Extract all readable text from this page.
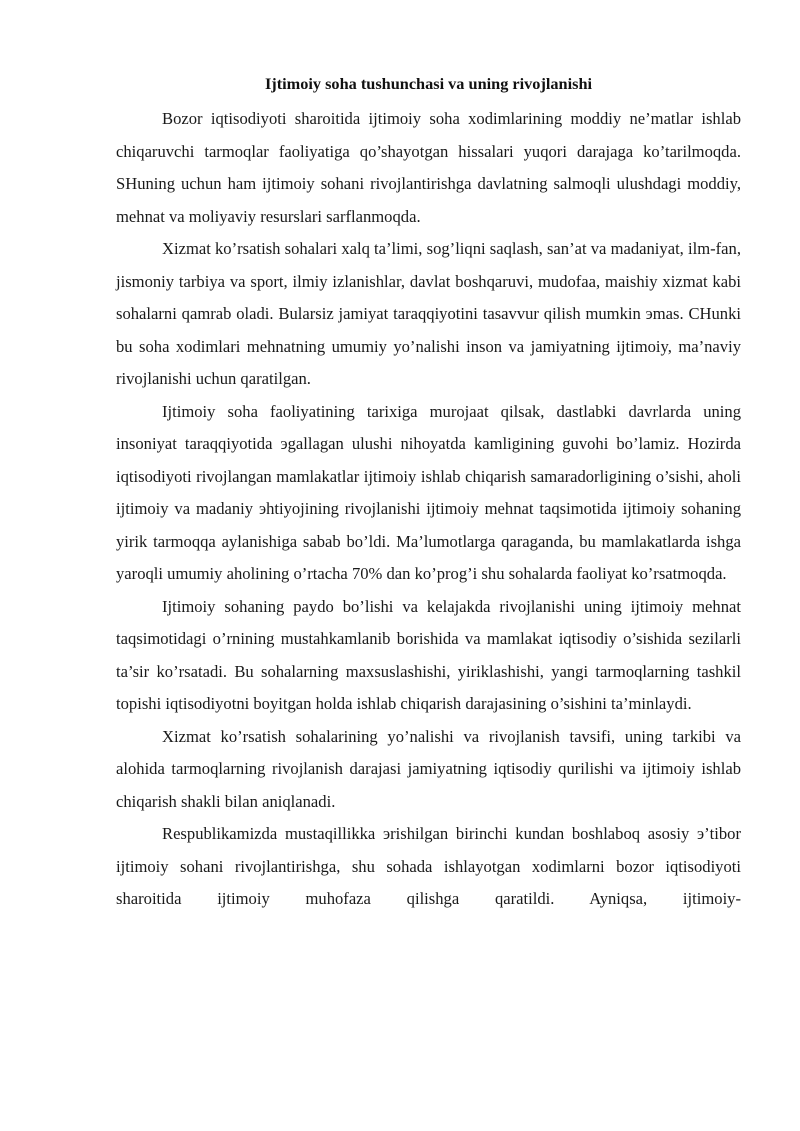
Ijtimoiy soha tushunchasi va uning rivojlanishi

Bozor iqtisodiyoti sharoitida ijtimoiy soha xodimlarining moddiy ne’matlar ishlab chiqaruvchi tarmoqlar faoliyatiga qo’shayotgan hissalari yuqori darajaga ko’tarilmoqda. SHuning uchun ham ijtimoiy sohani rivojlantirishga davlatning salmoqli ulushdagi moddiy, mehnat va moliyaviy resurslari sarflanmoqda.

Xizmat ko’rsatish sohalari xalq ta’limi, sog’liqni saqlash, san’at va madaniyat, ilm-fan, jismoniy tarbiya va sport, ilmiy izlanishlar, davlat boshqaruvi, mudofaa, maishiy xizmat kabi sohalarni qamrab oladi. Bularsiz jamiyat taraqqiyotini tasavvur qilish mumkin эmas. CHunki bu soha xodimlari mehnatning umumiy yo’nalishi inson va jamiyatning ijtimoiy, ma’naviy rivojlanishi uchun qaratilgan.

Ijtimoiy soha faoliyatining tarixiga murojaat qilsak, dastlabki davrlarda uning insoniyat taraqqiyotida эgallagan ulushi nihoyatda kamligining guvohi bo’lamiz. Hozirda iqtisodiyoti rivojlangan mamlakatlar ijtimoiy ishlab chiqarish samaradorligining o’sishi, aholi ijtimoiy va madaniy эhtiyojining rivojlanishi ijtimoiy mehnat taqsimotida ijtimoiy sohaning yirik tarmoqqa aylanishiga sabab bo’ldi. Ma’lumotlarga qaraganda, bu mamlakatlarda ishga yaroqli umumiy aholining o’rtacha 70% dan ko’prog’i shu sohalarda faoliyat ko’rsatmoqda.

Ijtimoiy sohaning paydo bo’lishi va kelajakda rivojlanishi uning ijtimoiy mehnat taqsimotidagi o’rnining mustahkamlanib borishida va mamlakat iqtisodiy o’sishida sezilarli ta’sir ko’rsatadi. Bu sohalarning maxsuslashishi, yiriklashishi, yangi tarmoqlarning tashkil topishi iqtisodiyotni boyitgan holda ishlab chiqarish darajasining o’sishini ta’minlaydi.

Xizmat ko’rsatish sohalarining yo’nalishi va rivojlanish tavsifi, uning tarkibi va alohida tarmoqlarning rivojlanish darajasi jamiyatning iqtisodiy qurilishi va ijtimoiy ishlab chiqarish shakli bilan aniqlanadi.

Respublikamizda mustaqillikka эrishilgan birinchi kundan boshlaboq asosiy э’tibor ijtimoiy sohani rivojlantirishga, shu sohada ishlayotgan xodimlarni bozor iqtisodiyoti sharoitida ijtimoiy muhofaza qilishga qaratildi. Ayniqsa, ijtimoiy-
